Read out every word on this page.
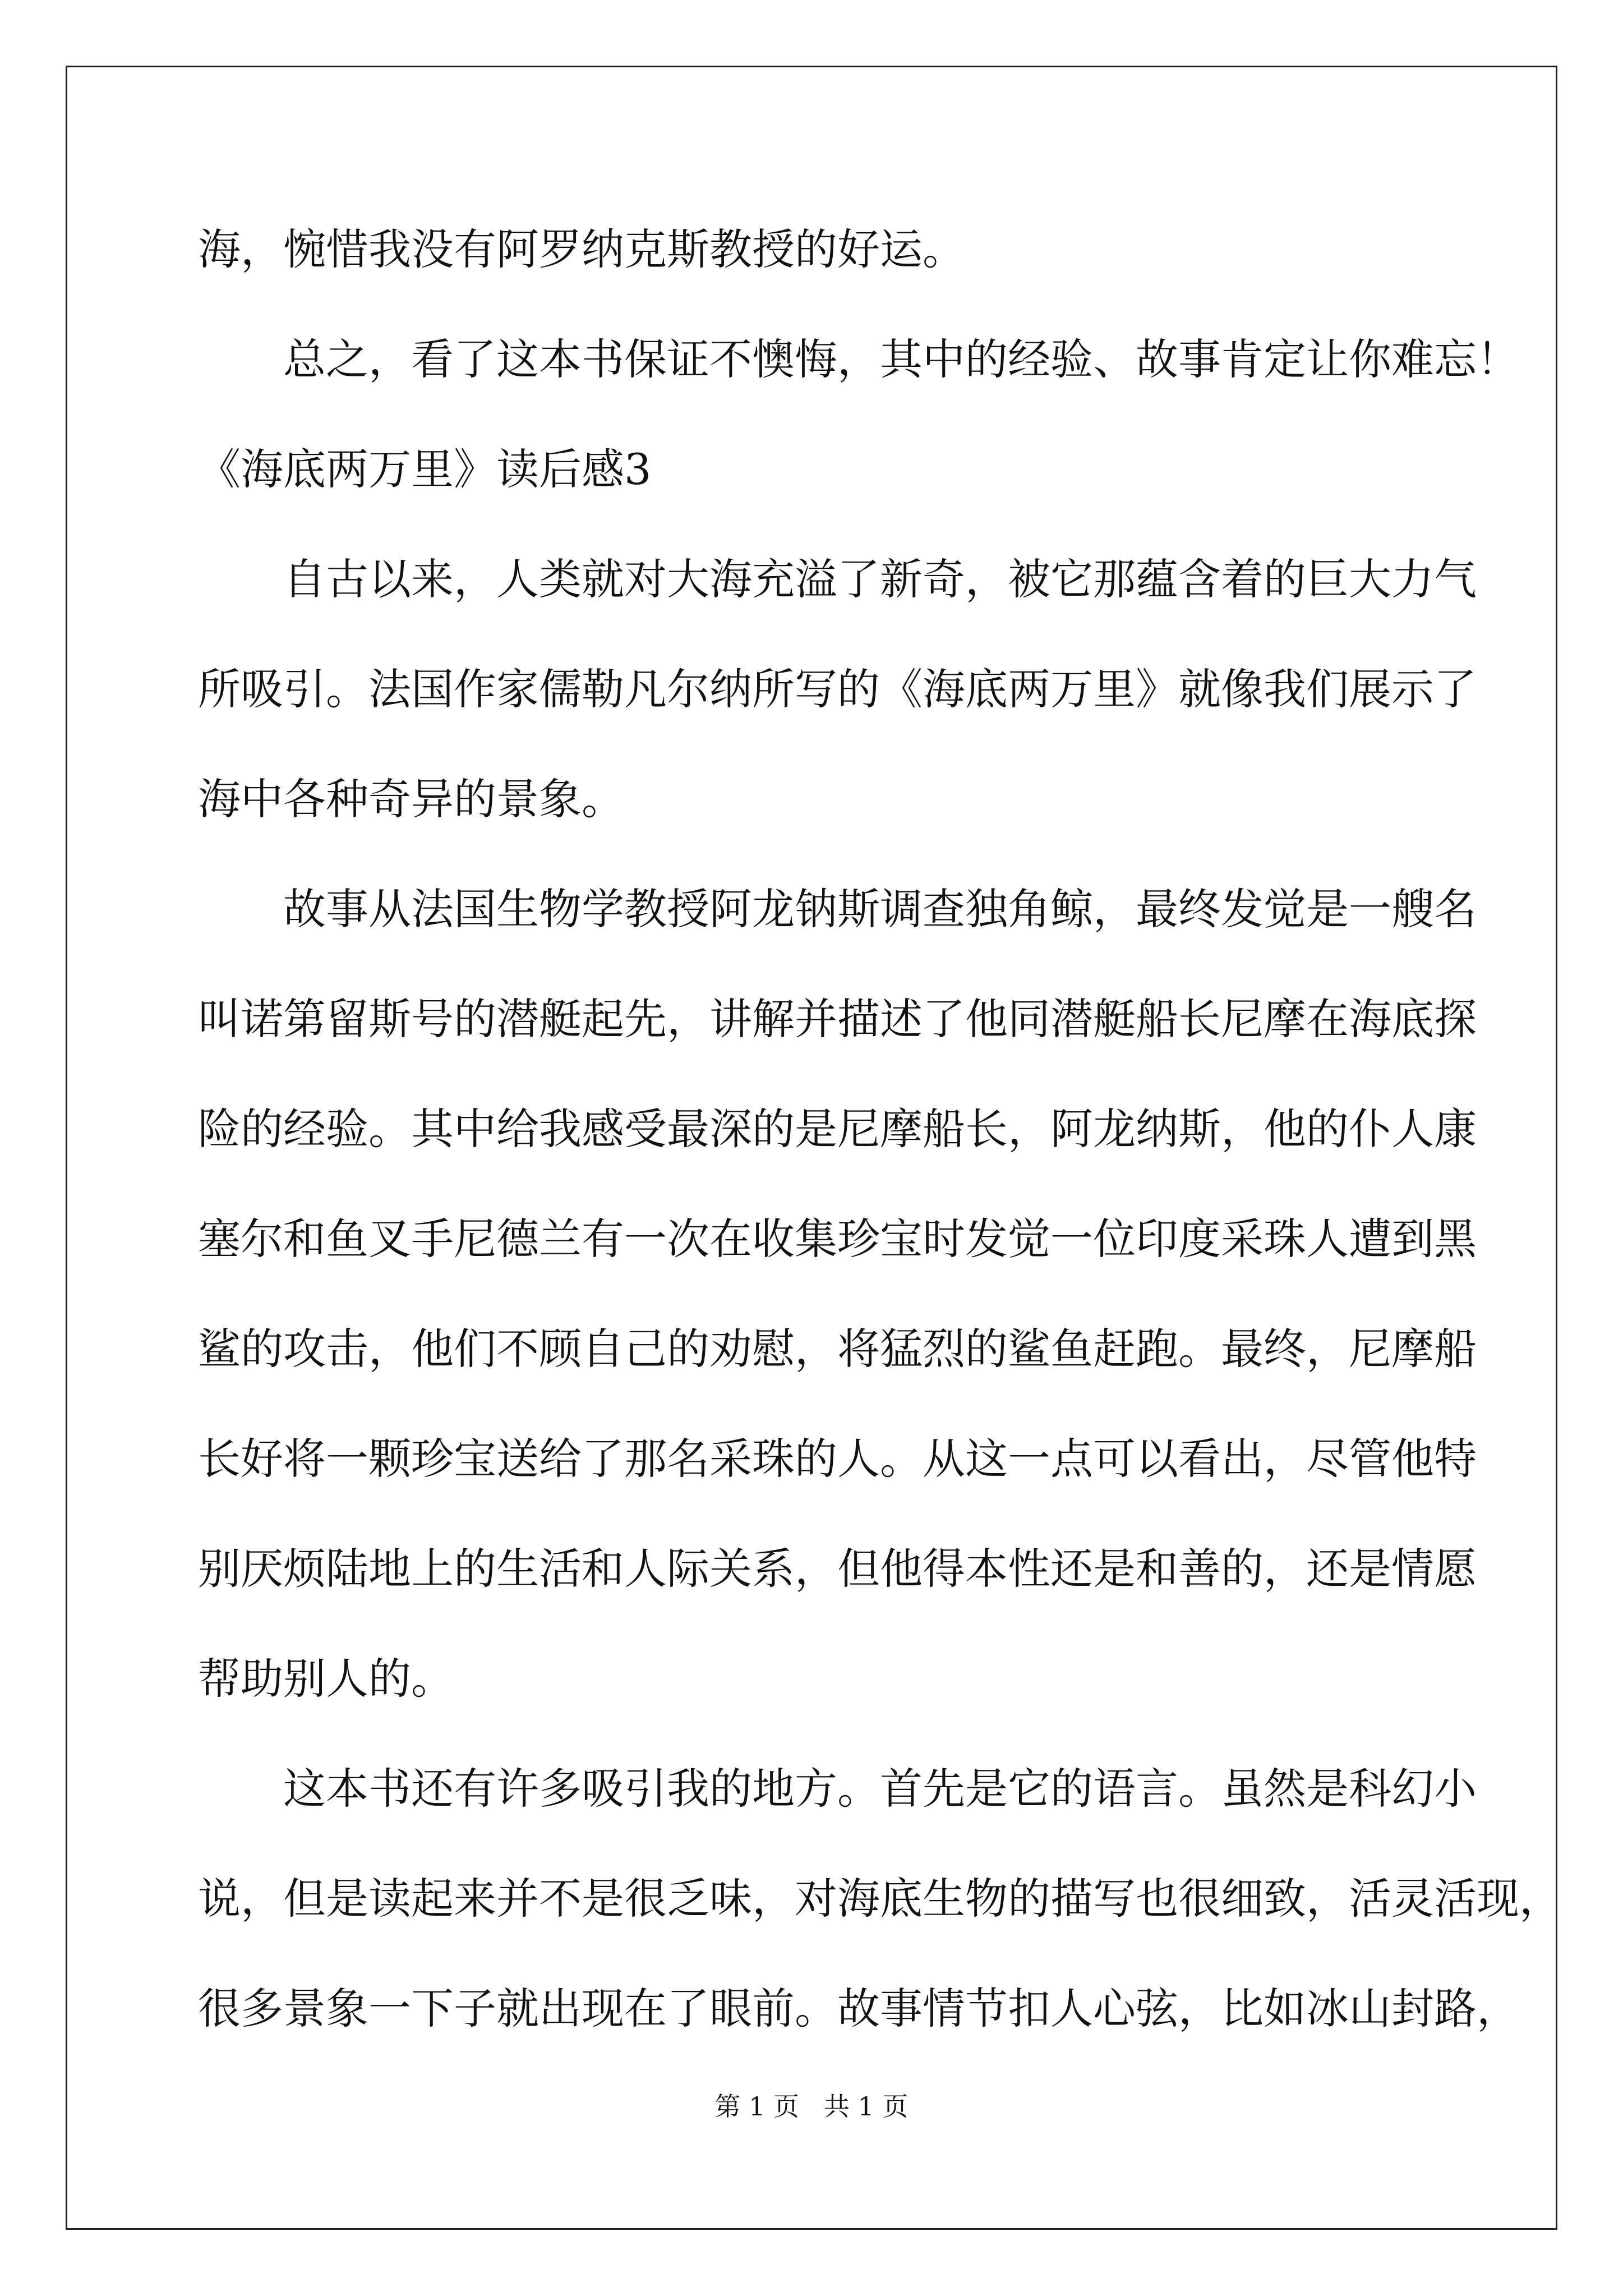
海，惋惜我没有阿罗纳克斯教授的好运。

总之，看了这本书保证不懊悔，其中的经验、故事肯定让你难忘！

《海底两万里》读后感3

自古以来，人类就对大海充溢了新奇，被它那蕴含着的巨大力气

所吸引。法国作家儒勒凡尔纳所写的《海底两万里》就像我们展示了

海中各种奇异的景象。

故事从法国生物学教授阿龙钠斯调查独角鲸，最终发觉是一艘名

叫诺第留斯号的潜艇起先，讲解并描述了他同潜艇船长尼摩在海底探

险的经验。其中给我感受最深的是尼摩船长，阿龙纳斯，他的仆人康

塞尔和鱼叉手尼德兰有一次在收集珍宝时发觉一位印度采珠人遭到黑

鲨的攻击，他们不顾自己的劝慰，将猛烈的鲨鱼赶跑。最终，尼摩船

长好将一颗珍宝送给了那名采珠的人。从这一点可以看出，尽管他特

别厌烦陆地上的生活和人际关系，但他得本性还是和善的，还是情愿

帮助别人的。

这本书还有许多吸引我的地方。首先是它的语言。虽然是科幻小

说，但是读起来并不是很乏味，对海底生物的描写也很细致，活灵活现，

很多景象一下子就出现在了眼前。故事情节扣人心弦，比如冰山封路，

第 1 页   共 1 页
